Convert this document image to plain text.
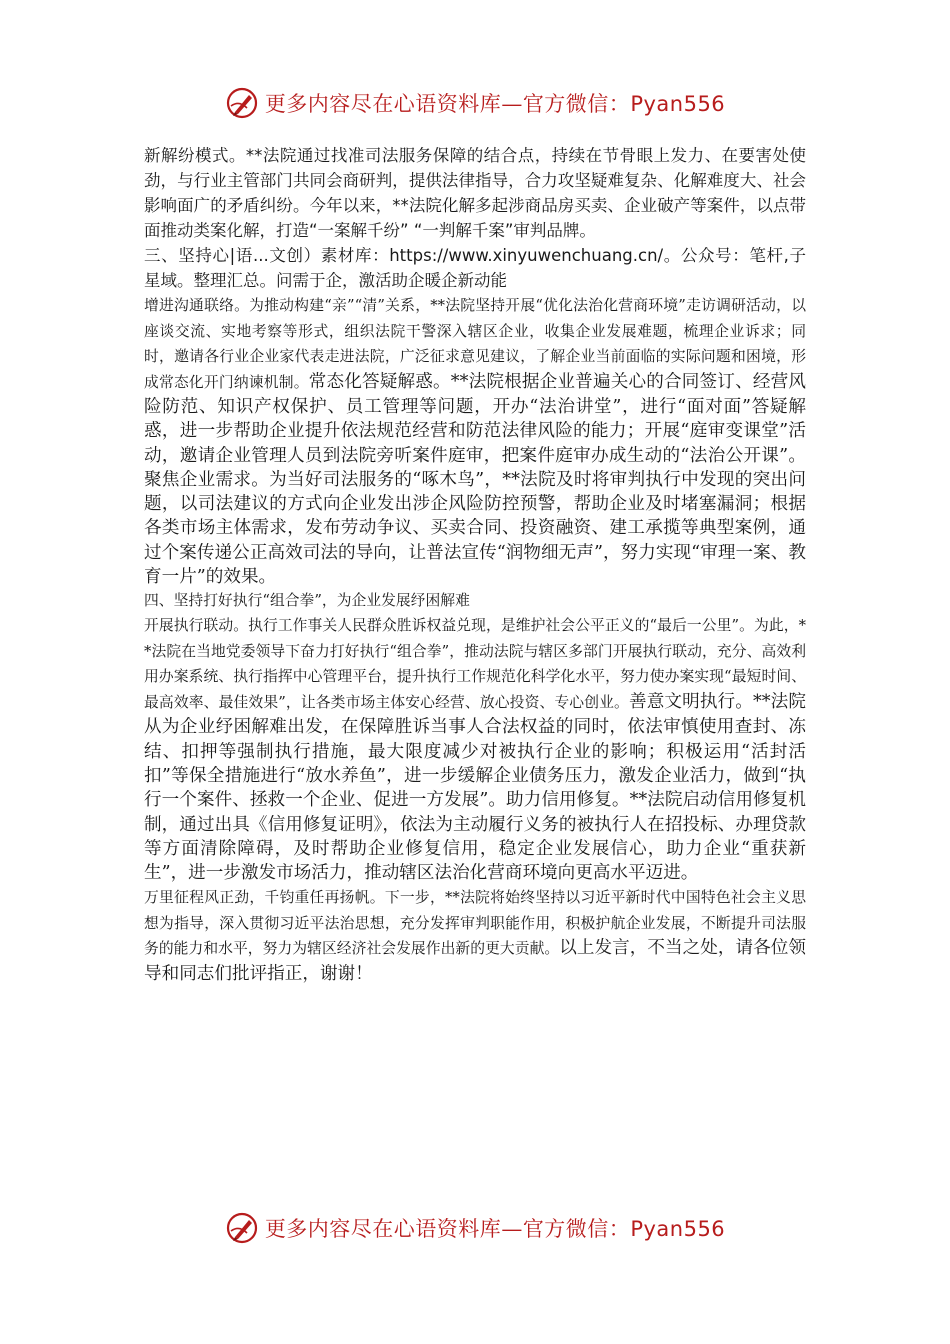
更多内容尽在心语资料库—官方微信：Pyan556

新解纷模式。**法院通过找准司法服务保障的结合点，持续在节骨眼上发力、在要害处使劲，与行业主管部门共同会商研判，提供法律指导，合力攻坚疑难复杂、化解难度大、社会影响面广的矛盾纠纷。今年以来，**法院化解多起涉商品房买卖、企业破产等案件，以点带面推动类案化解，打造“一案解千纷” “一判解千案”审判品牌。

三、坚持心|语...文创）素材库：https://www.xinyuwenchuang.cn/。公众号：笔杆,子星域。整理汇总。问需于企，激活助企暖企新动能

增进沟通联络。为推动构建“亲”“清”关系，**法院坚持开展“优化法治化营商环境”走访调研活动，以座谈交流、实地考察等形式，组织法院干警深入辖区企业，收集企业发展难题，梳理企业诉求；同时，邀请各行业企业家代表走进法院，广泛征求意见建议，了解企业当前面临的实际问题和困境，形成常态化开门纳谏机制。常态化答疑解惑。**法院根据企业普遍关心的合同签订、经营风险防范、知识产权保护、员工管理等问题，开办“法治讲堂”，进行“面对面”答疑解惑，进一步帮助企业提升依法规范经营和防范法律风险的能力；开展“庭审变课堂”活动，邀请企业管理人员到法院旁听案件庭审，把案件庭审办成生动的“法治公开课”。聚焦企业需求。为当好司法服务的“啄木鸟”，**法院及时将审判执行中发现的突出问题，以司法建议的方式向企业发出涉企风险防控预警，帮助企业及时堵塞漏洞；根据各类市场主体需求，发布劳动争议、买卖合同、投资融资、建工承揽等典型案例，通过个案传递公正高效司法的导向，让普法宣传“润物细无声”，努力实现“审理一案、教育一片”的效果。

四、坚持打好执行“组合拳”，为企业发展纾困解难

开展执行联动。执行工作事关人民群众胜诉权益兑现，是维护社会公平正义的“最后一公里”。为此，**法院在当地党委领导下奋力打好执行“组合拳”，推动法院与辖区多部门开展执行联动，充分、高效利用办案系统、执行指挥中心管理平台，提升执行工作规范化科学化水平，努力使办案实现“最短时间、最高效率、最佳效果”，让各类市场主体安心经营、放心投资、专心创业。善意文明执行。**法院从为企业纾困解难出发，在保障胜诉当事人合法权益的同时，依法审慎使用查封、冻结、扣押等强制执行措施，最大限度减少对被执行企业的影响；积极运用“活封活扣”等保全措施进行“放水养鱼”，进一步缓解企业债务压力，激发企业活力，做到“执行一个案件、拯救一个企业、促进一方发展”。助力信用修复。**法院启动信用修复机制，通过出具《信用修复证明》，依法为主动履行义务的被执行人在招投标、办理贷款等方面清除障碍，及时帮助企业修复信用，稳定企业发展信心，助力企业“重获新生”，进一步激发市场活力，推动辖区法治化营商环境向更高水平迈进。

万里征程风正劲，千钧重任再扬帆。下一步，**法院将始终坚持以习近平新时代中国特色社会主义思想为指导，深入贯彻习近平法治思想，充分发挥审判职能作用，积极护航企业发展，不断提升司法服务的能力和水平，努力为辖区经济社会发展作出新的更大贡献。以上发言，不当之处，请各位领导和同志们批评指正，谢谢！

更多内容尽在心语资料库—官方微信：Pyan556
